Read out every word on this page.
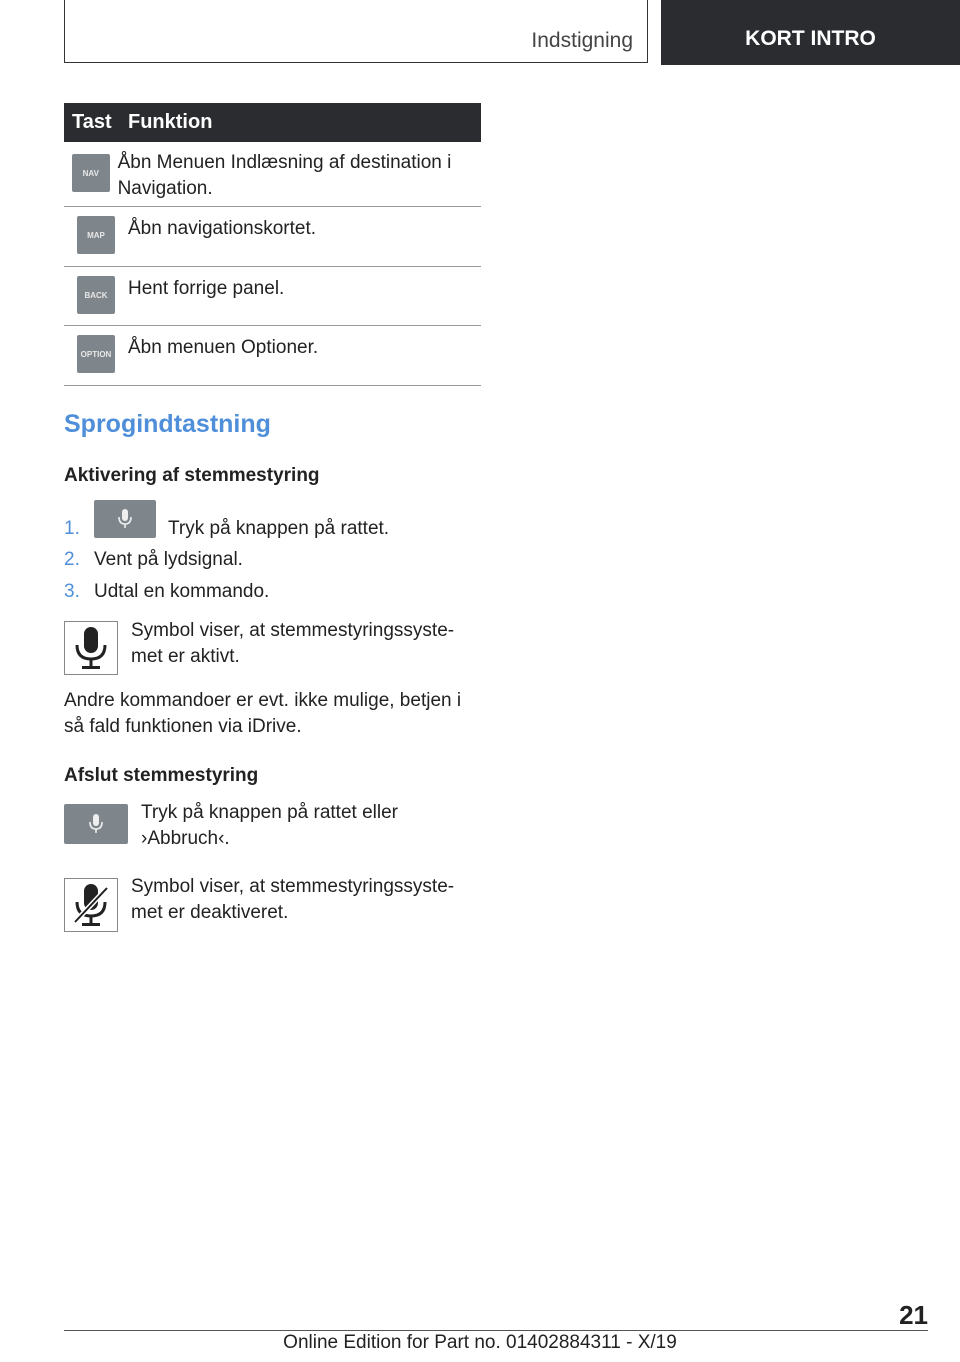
Indstigning	KORT INTRO
Tast Funktion
NAV Åbn Menuen Indlæsning af destination i Navigation.
MAP	Åbn navigationskortet.
BACK	Hent forrige panel.
OPTION Åbn menuen Optioner.
Sprogindtastning
Aktivering af stemmestyring
1.	Tryk på knappen på rattet.
2. Vent på lydsignal.
3. Udtal en kommando.
Symbol viser, at stemmestyringssyste-met er aktivt.
Andre kommandoer er evt. ikke mulige, betjen i så fald funktionen via iDrive.
Afslut stemmestyring
Tryk på knappen på rattet eller ›Abbruch‹.
Symbol viser, at stemmestyringssyste-met er deaktiveret.
21
Online Edition for Part no. 01402884311 - X/19
